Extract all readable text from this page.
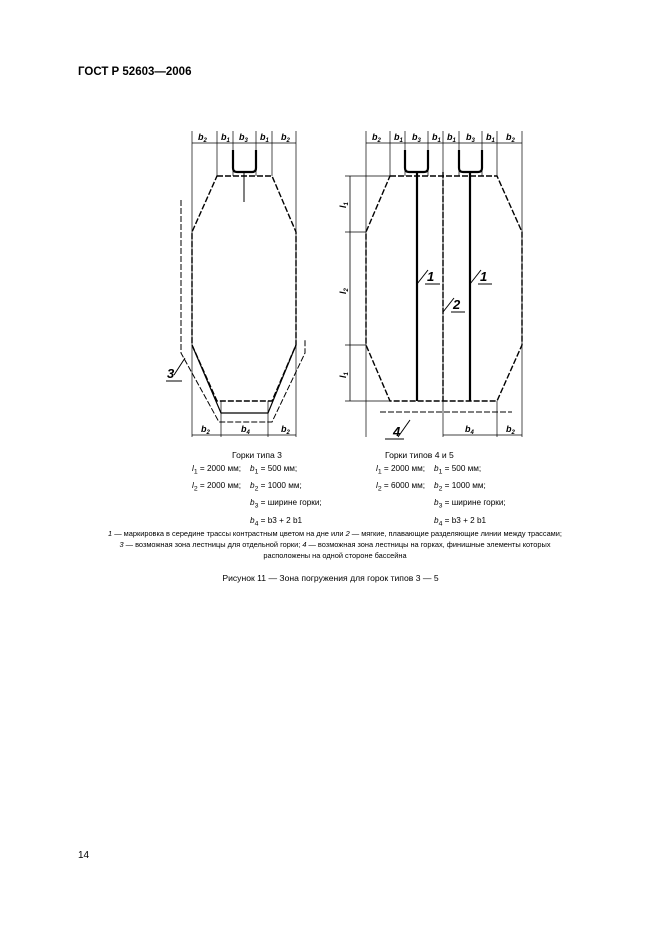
ГОСТ Р 52603—2006
$b_2$ $b_1$ $b_3$ $b_1$ $b_2$
$b_2$	$b_4$	$b_2$
3
$b_2$ $b_1$ $b_3$ $b_1$ $b_1$ $b_3$ $b_1$ $b_2$
$b_4$	$b_2$
$l_1$
$l_2$
$l_1$
1
2
1
4
Горки типа 3
$l_1 = 2000$ мм; $b_1 = 500$ мм;
$l_2 = 2000$ мм; $b_2 = 1000$ мм;
$b_3$ = ширине горки;
$b_4 = b3 + 2$ b1
Горки типов 4 и 5
$l_1 = 2000$ мм; $b_1 = 500$ мм;
$l_2 = 6000$ мм; $b_2 = 1000$ мм;
$b_3$ = ширине горки;
$b_4 = b3 + 2$ b1
1 — маркировка в середине трассы контрастным цветом на дне или 2 — мягкие, плавающие разделяющие линии между трассами; 3 — возможная зона лестницы для отдельной горки; 4 — возможная зона лестницы на горках, финишные элементы которых расположены на одной стороне бассейна
Рисунок 11 — Зона погружения для горок типов 3 — 5
14
